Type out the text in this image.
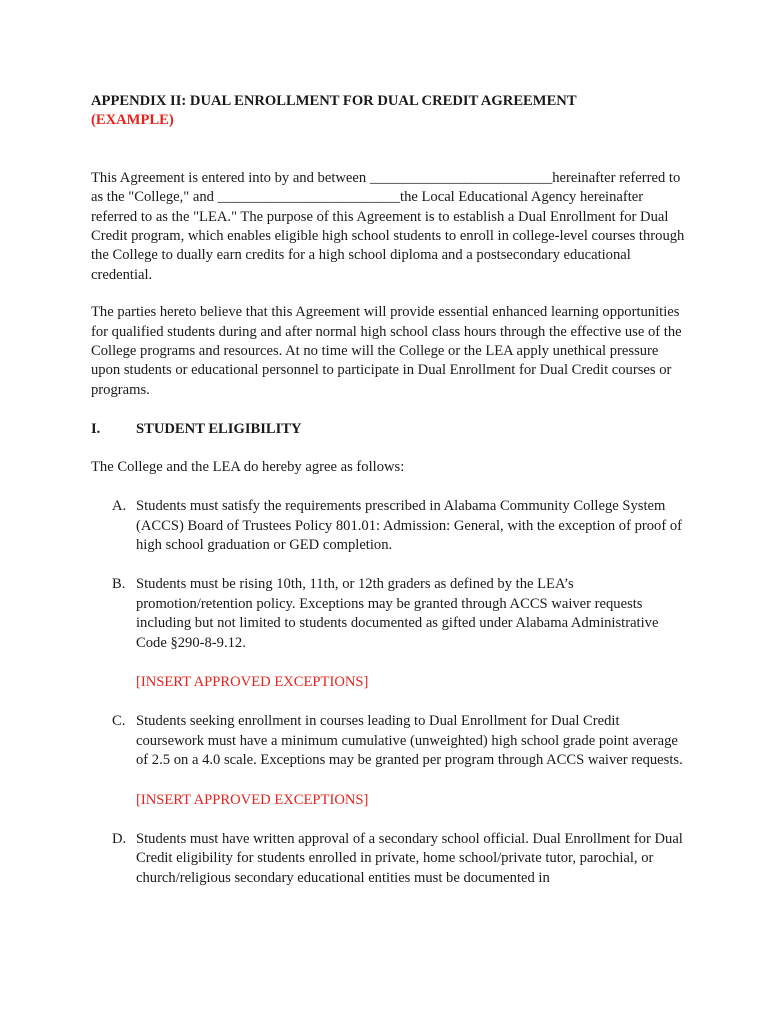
APPENDIX II: DUAL ENROLLMENT FOR DUAL CREDIT AGREEMENT
(EXAMPLE)

This Agreement is entered into by and between _________________________hereinafter referred to as the "College," and _________________________the Local Educational Agency hereinafter referred to as the "LEA." The purpose of this Agreement is to establish a Dual Enrollment for Dual Credit program, which enables eligible high school students to enroll in college-level courses through the College to dually earn credits for a high school diploma and a postsecondary educational credential.

The parties hereto believe that this Agreement will provide essential enhanced learning opportunities for qualified students during and after normal high school class hours through the effective use of the College programs and resources. At no time will the College or the LEA apply unethical pressure upon students or educational personnel to participate in Dual Enrollment for Dual Credit courses or programs.

I.	STUDENT ELIGIBILITY

The College and the LEA do hereby agree as follows:

A. Students must satisfy the requirements prescribed in Alabama Community College System (ACCS) Board of Trustees Policy 801.01: Admission: General, with the exception of proof of high school graduation or GED completion.
B. Students must be rising 10th, 11th, or 12th graders as defined by the LEA’s promotion/retention policy. Exceptions may be granted through ACCS waiver requests including but not limited to students documented as gifted under Alabama Administrative Code §290-8-9.12.

[INSERT APPROVED EXCEPTIONS]

C. Students seeking enrollment in courses leading to Dual Enrollment for Dual Credit coursework must have a minimum cumulative (unweighted) high school grade point average of 2.5 on a 4.0 scale. Exceptions may be granted per program through ACCS waiver requests.

[INSERT APPROVED EXCEPTIONS]

D. Students must have written approval of a secondary school official. Dual Enrollment for Dual Credit eligibility for students enrolled in private, home school/private tutor, parochial, or church/religious secondary educational entities must be documented in
